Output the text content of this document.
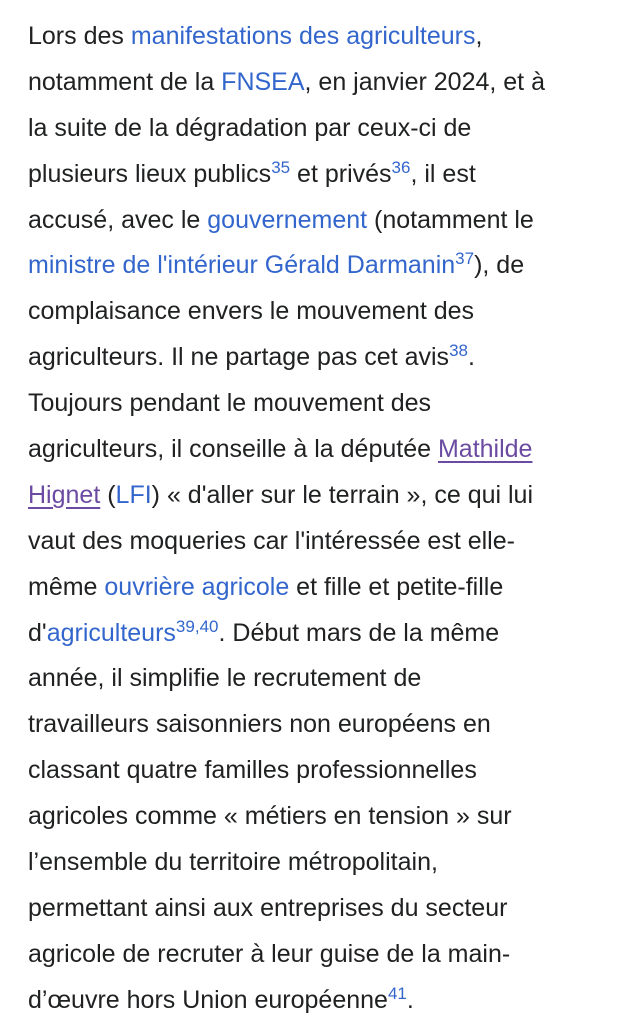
Lors des manifestations des agriculteurs,
notamment de la FNSEA, en janvier 2024, et à
la suite de la dégradation par ceux-ci de
plusieurs lieux publics$^{35}$ et privés$^{36}$, il est
accusé, avec le gouvernement (notamment le
ministre de l'intérieur Gérald Darmanin$^{37}$), de
complaisance envers le mouvement des
agriculteurs. Il ne partage pas cet avis$^{38}$.
Toujours pendant le mouvement des
agriculteurs, il conseille à la députée Mathilde
Hignet (LFI) « d'aller sur le terrain », ce qui lui
vaut des moqueries car l'intéressée est elle-
même ouvrière agricole et fille et petite-fille
d'agriculteurs$^{39,40}$. Début mars de la même
année, il simplifie le recrutement de
travailleurs saisonniers non européens en
classant quatre familles professionnelles
agricoles comme « métiers en tension » sur
l’ensemble du territoire métropolitain,
permettant ainsi aux entreprises du secteur
agricole de recruter à leur guise de la main-
d’œuvre hors Union européenne$^{41}$.
